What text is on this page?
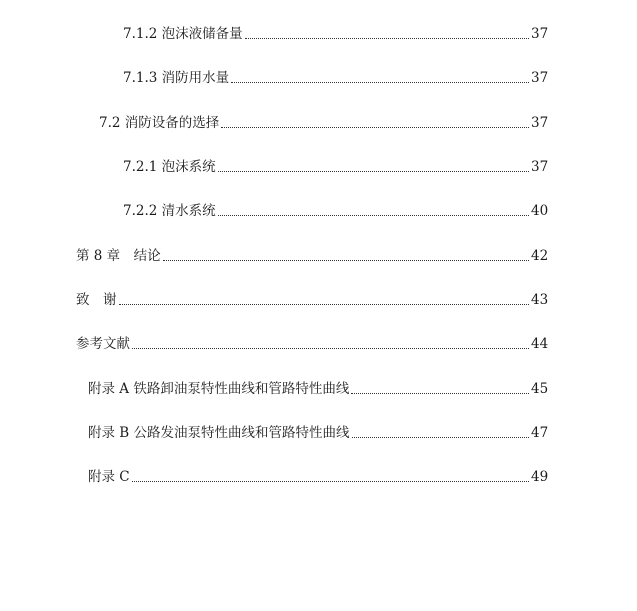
7.1.2 泡沫液储备量	37
7.1.3 消防用水量	37
7.2 消防设备的选择	37
7.2.1 泡沫系统	37
7.2.2 清水系统	40
第 8 章　结论	42
致　谢	43
参考文献	44
附录 A 铁路卸油泵特性曲线和管路特性曲线	45
附录 B 公路发油泵特性曲线和管路特性曲线	47
附录 C	49
